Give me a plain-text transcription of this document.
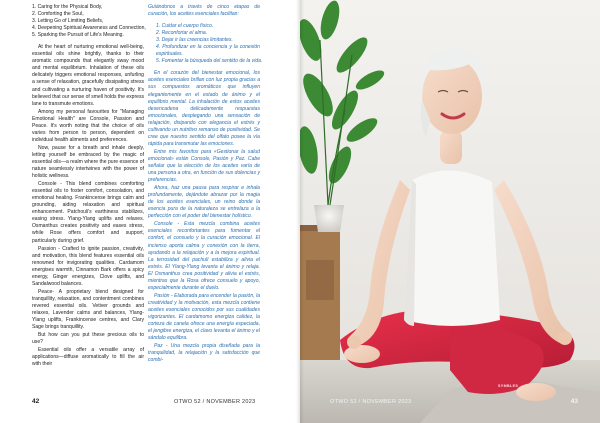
1. Caring for the Physical Body,
2. Comforting the Soul,
3. Letting Go of Limiting Beliefs,
4. Deepening Spiritual Awareness and Connection,
5. Sparking the Pursuit of Life's Meaning.

At the heart of nurturing emotional well-being, essential oils shine brightly, thanks to their aromatic compounds that elegantly sway mood and mental equilibrium. Inhalation of these oils delicately triggers emotional responses, unfurling a sense of relaxation, gracefully dissipating stress and cultivating a nurturing haven of positivity. It's believed that our sense of smell holds the express lane to transmute emotions.

Among my personal favourites for "Managing Emotional Health" are Console, Passion and Peace. It's worth noting that the choice of oils varies from person to person, dependent on individual health aliments and preferences.

Now, pause for a breath and inhale deeply, letting yourself be embraced by the magic of essential oils—a realm where the pure essence of nature seamlessly intertwines with the power of holistic wellness.

Console - This blend combines comforting essential oils to foster comfort, consolation, and emotional healing. Frankincense brings calm and grounding, aiding relaxation and spiritual enhancement. Patchouli's earthiness stabilizes, easing stress. Ylang-Ylang uplifts and relaxes. Osmanthus creates positivity and eases stress, while Rose offers comfort and support, particularly during grief.

Passion - Crafted to ignite passion, creativity, and motivation, this blend features essential oils renowned for invigorating qualities. Cardamom energises warmth, Cinnamon Bark offers a spicy energy, Ginger energizes, Clove uplifts, and Sandalwood balances.

Peace- A proprietary blend designed for tranquillity, relaxation, and contentment combines revered essential oils. Vetiver grounds and relaxes, Lavender calms and balances, Ylang-Ylang uplifts, Frankincense centres, and Clary Sage brings tranquillity.

But how can you put these precious oils to use?

Essential oils offer a versatile array of applications—diffuse aromatically to fill the air with their

Guiándonos a través de cinco etapas de curación, los aceites esenciales facilitan:

1. Cuidar el cuerpo físico.
2. Reconfortar el alma.
3. Dejar ir las creencias limitantes.
4. Profundizar en la conciencia y la conexión espirituales.
5. Fomentar la búsqueda del sentido de la vida.

En el corazón del bienestar emocional, los aceites esenciales brillan con luz propia gracias a sus compuestos aromáticos que influyen elegantemente en el estado de ánimo y el equilibrio mental. La inhalación de estos aceites desencadena delicadamente respuestas emocionales, desplegando una sensación de relajación, disipando con elegancia el estrés y cultivando un nutritivo remanso de positividad. Se cree que nuestro sentido del olfato posee la vía rápida para transmutar las emociones.

Entre mis favoritos para «Gestionar la salud emocional» están Console, Pasión y Paz. Cabe señalar que la elección de los aceites varía de una persona a otra, en función de sus dolencias y preferencias.

Ahora, haz una pausa para respirar e inhala profundamente, dejándote abrazar por la magia de los aceites esenciales, un reino donde la esencia pura de la naturaleza se entrelaza a la perfección con el poder del bienestar holístico.

Console - Esta mezcla combina aceites esenciales reconfortantes para fomentar el confort, el consuelo y la curación emocional. El incienso aporta calma y conexión con la tierra, ayudando a la relajación y a la mejora espiritual. La terrosidad del pachulí estabiliza y alivia el estrés. El Ylang-Ylang levanta el ánimo y relaja. El Osmanthus crea positividad y alivia el estrés, mientras que la Rosa ofrece consuelo y apoyo, especialmente durante el duelo.

Pasión - Elaborada para encender la pasión, la creatividad y la motivación, esta mezcla contiene aceites esenciales conocidos por sus cualidades vigorizantes. El cardamomo energiza calidez, la corteza de canela ofrece una energía especiada, el jengibre energiza, el clavo levanta el ánimo y el sándalo equilibra.

Paz - Una mezcla propia diseñada para la tranquilidad, la relajación y la satisfacción que combi-

42	OTWO 52 / NOVEMBER 2023
SYMBLES
OTWO 52 / NOVEMBER 2023	43
